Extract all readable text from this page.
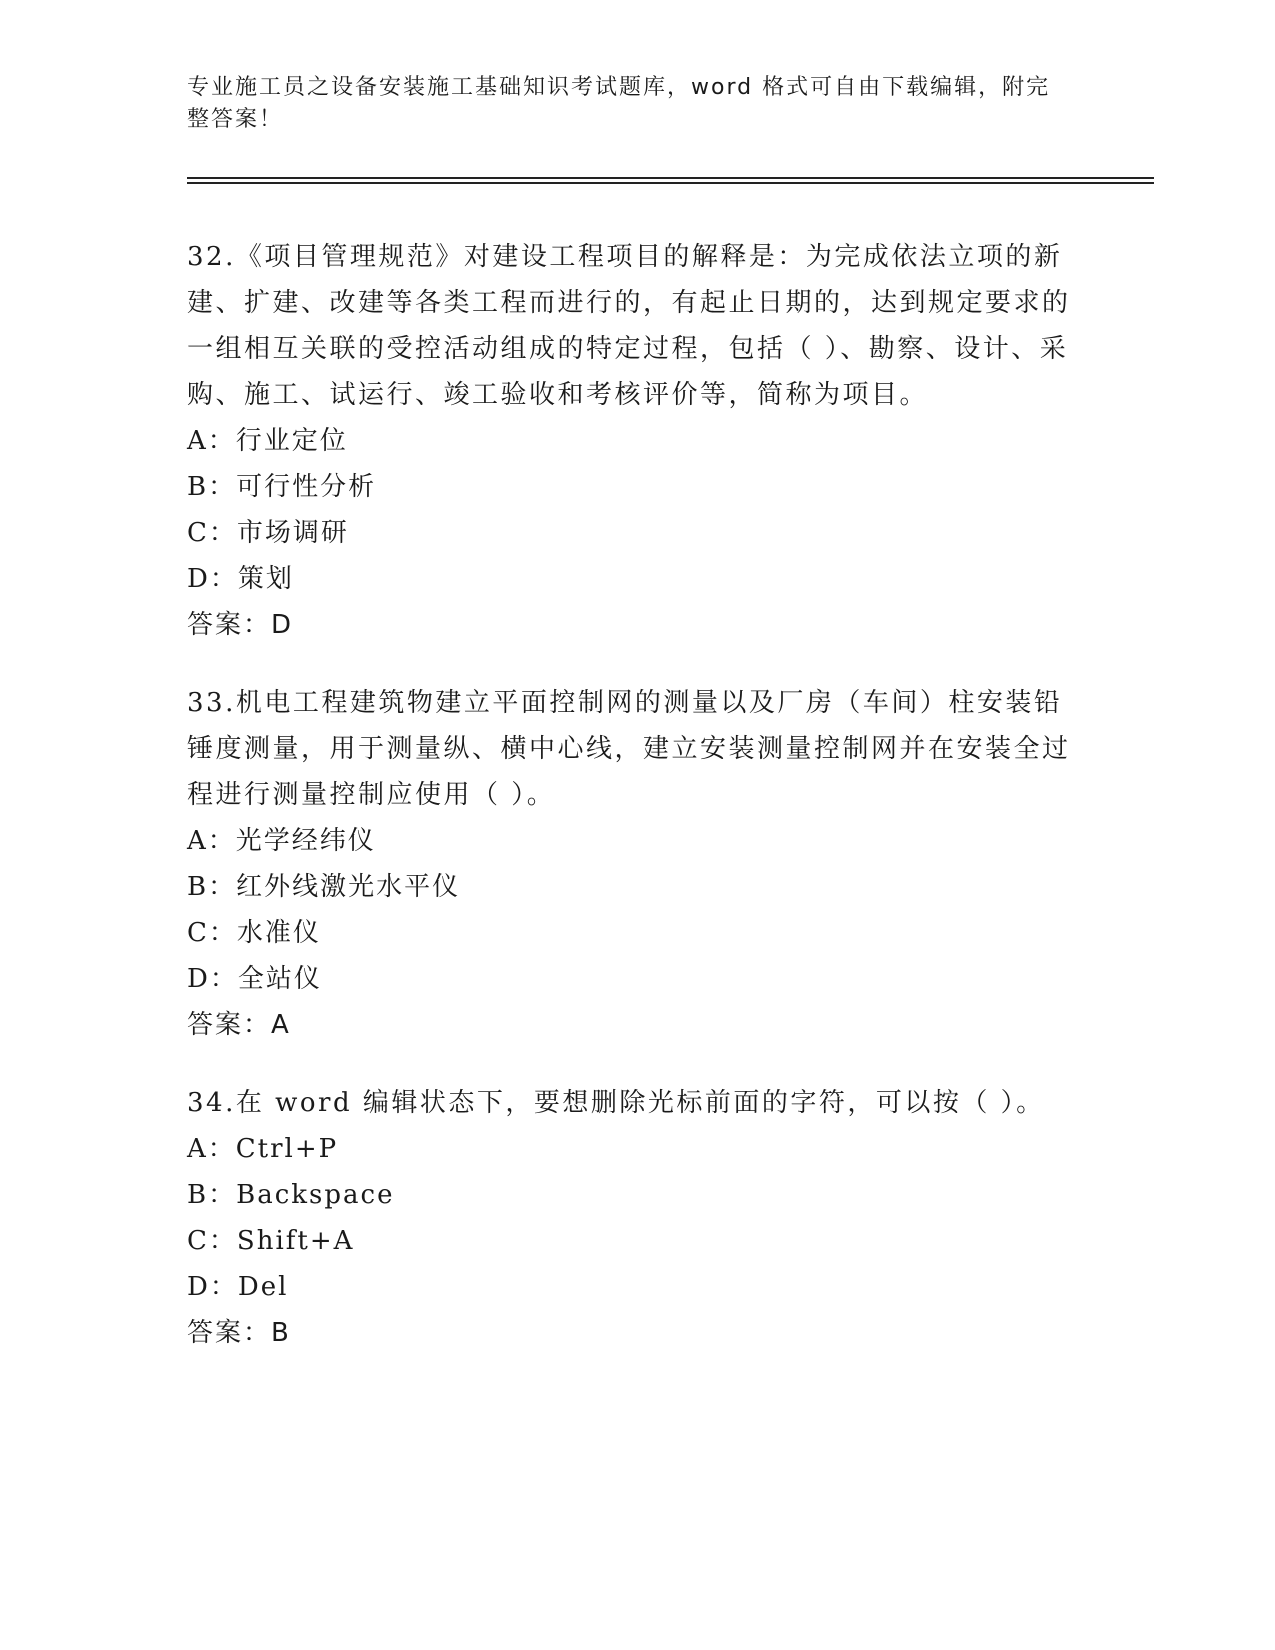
专业施工员之设备安装施工基础知识考试题库，word 格式可自由下载编辑，附完整答案！
32.《项目管理规范》对建设工程项目的解释是：为完成依法立项的新建、扩建、改建等各类工程而进行的，有起止日期的，达到规定要求的一组相互关联的受控活动组成的特定过程，包括（ ）、勘察、设计、采购、施工、试运行、竣工验收和考核评价等，简称为项目。
A：行业定位
B：可行性分析
C：市场调研
D：策划
答案：D
33.机电工程建筑物建立平面控制网的测量以及厂房（车间）柱安装铅锤度测量，用于测量纵、横中心线，建立安装测量控制网并在安装全过程进行测量控制应使用（ ）。
A：光学经纬仪
B：红外线激光水平仪
C：水准仪
D：全站仪
答案：A
34.在 word 编辑状态下，要想删除光标前面的字符，可以按（ ）。
A：Ctrl+P
B：Backspace
C：Shift+A
D：Del
答案：B
